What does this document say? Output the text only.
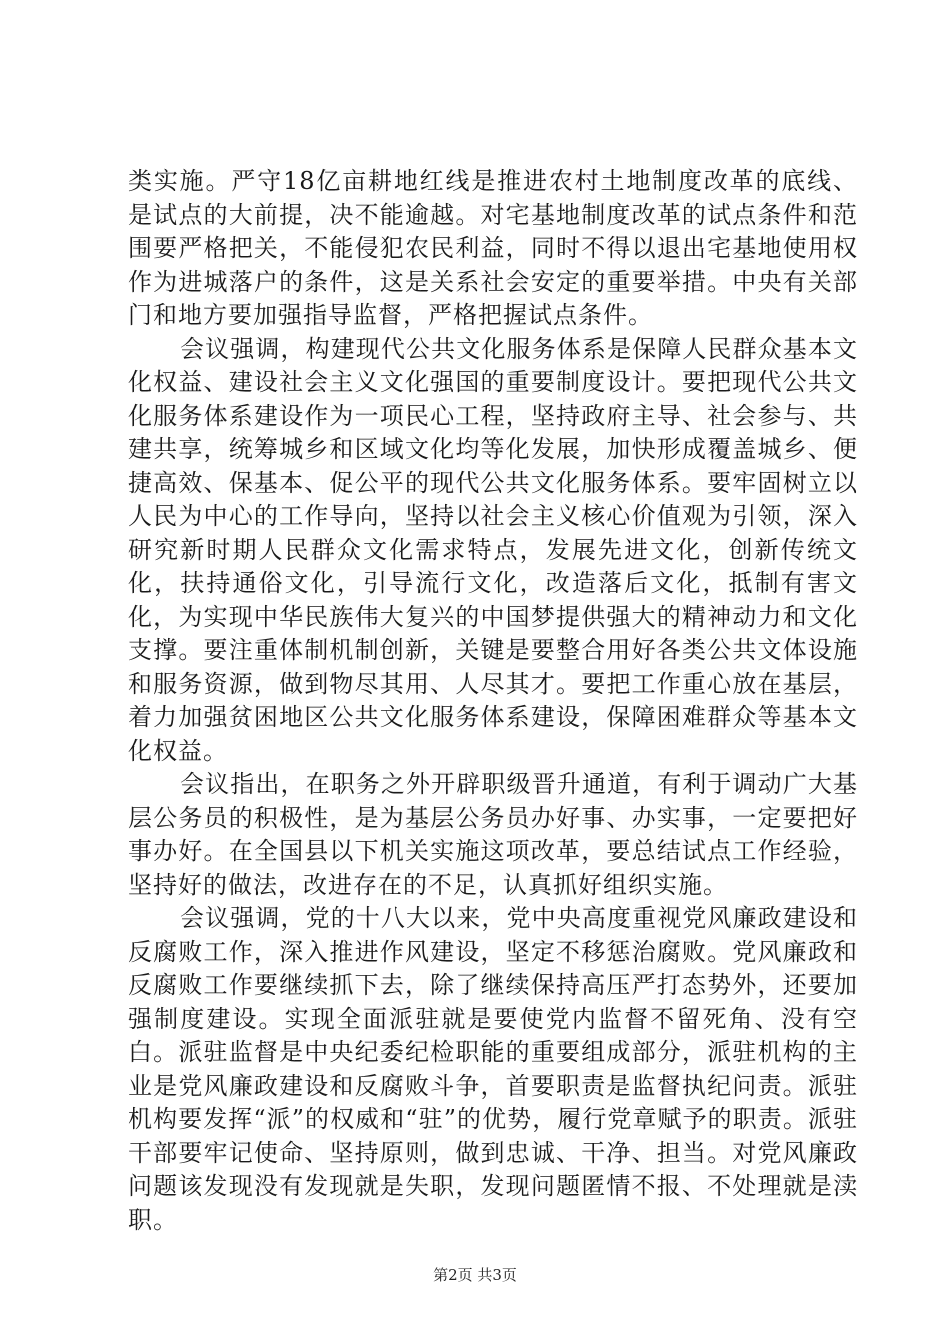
类实施。严守18亿亩耕地红线是推进农村土地制度改革的底线、是试点的大前提，决不能逾越。对宅基地制度改革的试点条件和范围要严格把关，不能侵犯农民利益，同时不得以退出宅基地使用权作为进城落户的条件，这是关系社会安定的重要举措。中央有关部门和地方要加强指导监督，严格把握试点条件。

会议强调，构建现代公共文化服务体系是保障人民群众基本文化权益、建设社会主义文化强国的重要制度设计。要把现代公共文化服务体系建设作为一项民心工程，坚持政府主导、社会参与、共建共享，统筹城乡和区域文化均等化发展，加快形成覆盖城乡、便捷高效、保基本、促公平的现代公共文化服务体系。要牢固树立以人民为中心的工作导向，坚持以社会主义核心价值观为引领，深入研究新时期人民群众文化需求特点，发展先进文化，创新传统文化，扶持通俗文化，引导流行文化，改造落后文化，抵制有害文化，为实现中华民族伟大复兴的中国梦提供强大的精神动力和文化支撑。要注重体制机制创新，关键是要整合用好各类公共文体设施和服务资源，做到物尽其用、人尽其才。要把工作重心放在基层，着力加强贫困地区公共文化服务体系建设，保障困难群众等基本文化权益。

会议指出，在职务之外开辟职级晋升通道，有利于调动广大基层公务员的积极性，是为基层公务员办好事、办实事，一定要把好事办好。在全国县以下机关实施这项改革，要总结试点工作经验，坚持好的做法，改进存在的不足，认真抓好组织实施。

会议强调，党的十八大以来，党中央高度重视党风廉政建设和反腐败工作，深入推进作风建设，坚定不移惩治腐败。党风廉政和反腐败工作要继续抓下去，除了继续保持高压严打态势外，还要加强制度建设。实现全面派驻就是要使党内监督不留死角、没有空白。派驻监督是中央纪委纪检职能的重要组成部分，派驻机构的主业是党风廉政建设和反腐败斗争，首要职责是监督执纪问责。派驻机构要发挥“派”的权威和“驻”的优势，履行党章赋予的职责。派驻干部要牢记使命、坚持原则，做到忠诚、干净、担当。对党风廉政问题该发现没有发现就是失职，发现问题匿情不报、不处理就是渎职。

第2页 共3页
